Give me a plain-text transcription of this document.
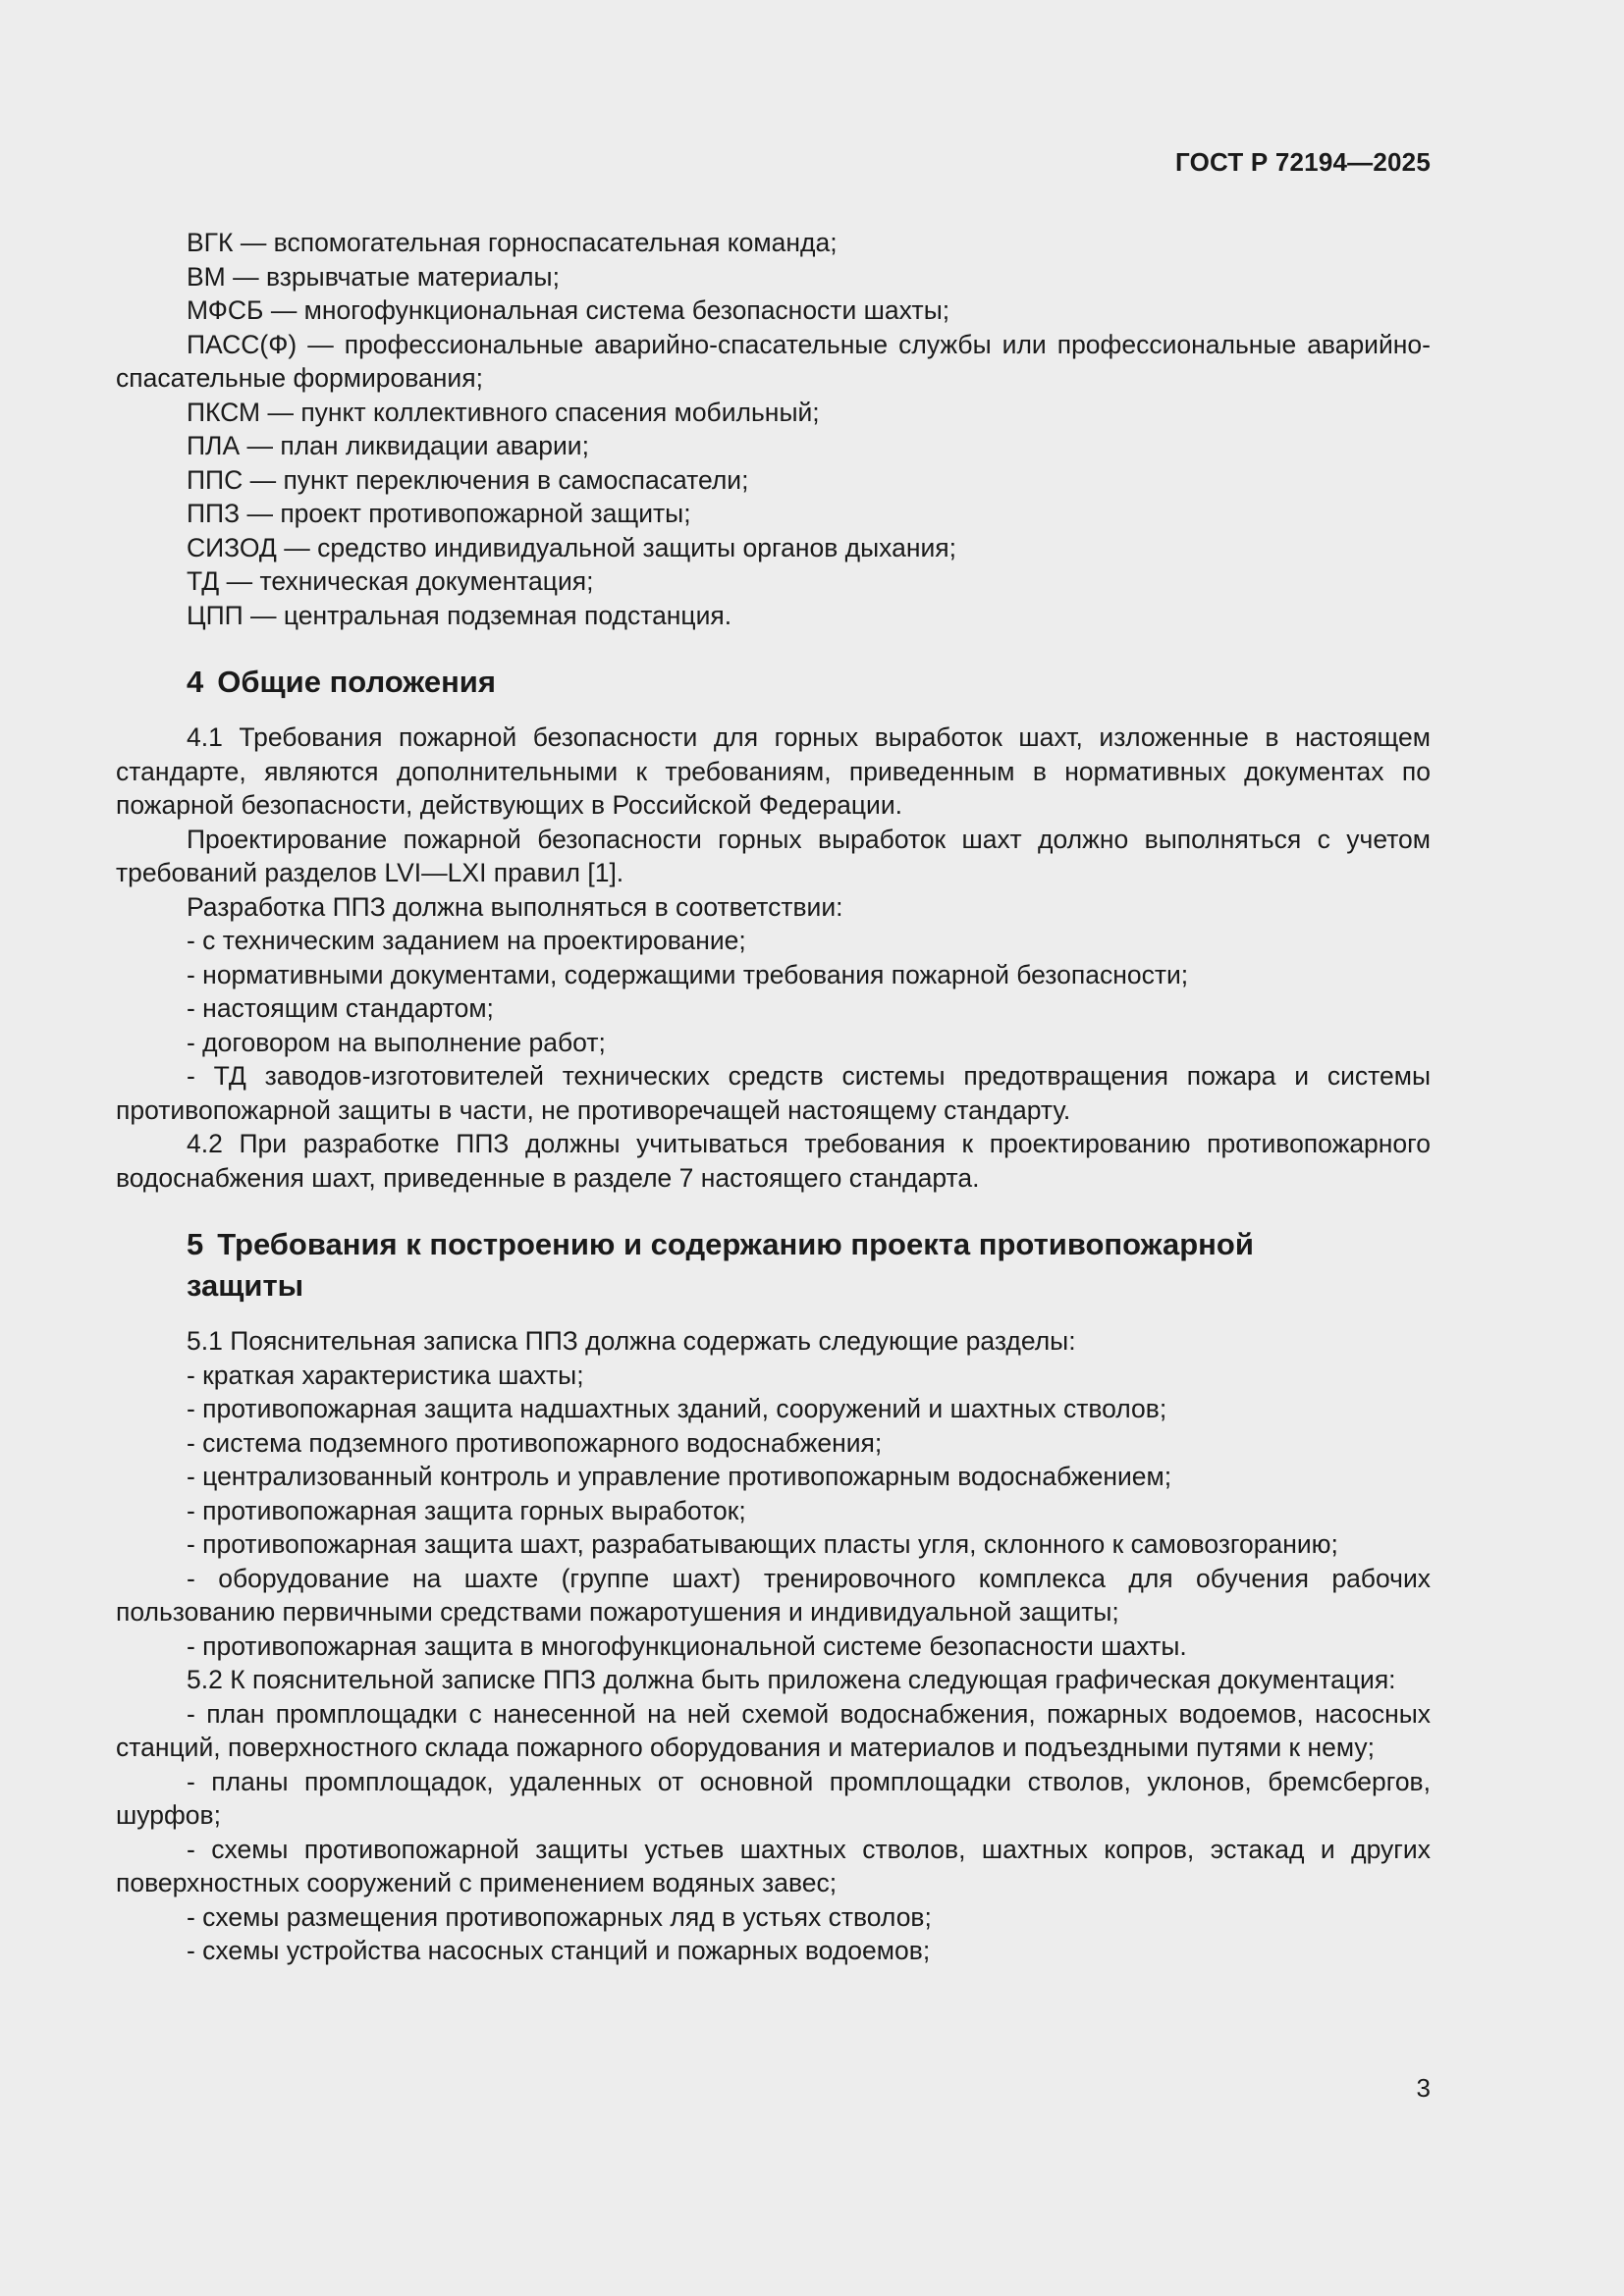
ГОСТ Р 72194—2025

ВГК — вспомогательная горноспасательная команда;

ВМ — взрывчатые материалы;

МФСБ — многофункциональная система безопасности шахты;

ПАСС(Ф) — профессиональные аварийно-спасательные службы или профессиональные аварийно-спасательные формирования;

ПКСМ — пункт коллективного спасения мобильный;

ПЛА — план ликвидации аварии;

ППС — пункт переключения в самоспасатели;

ППЗ — проект противопожарной защиты;

СИЗОД — средство индивидуальной защиты органов дыхания;

ТД — техническая документация;

ЦПП — центральная подземная подстанция.

4 Общие положения

4.1 Требования пожарной безопасности для горных выработок шахт, изложенные в настоящем стандарте, являются дополнительными к требованиям, приведенным в нормативных документах по пожарной безопасности, действующих в Российской Федерации.

Проектирование пожарной безопасности горных выработок шахт должно выполняться с учетом требований разделов LVI—LXI правил [1].

Разработка ППЗ должна выполняться в соответствии:

- с техническим заданием на проектирование;

- нормативными документами, содержащими требования пожарной безопасности;

- настоящим стандартом;

- договором на выполнение работ;

- ТД заводов-изготовителей технических средств системы предотвращения пожара и системы противопожарной защиты в части, не противоречащей настоящему стандарту.

4.2 При разработке ППЗ должны учитываться требования к проектированию противопожарного водоснабжения шахт, приведенные в разделе 7 настоящего стандарта.

5 Требования к построению и содержанию проекта противопожарной
защиты

5.1 Пояснительная записка ППЗ должна содержать следующие разделы:

- краткая характеристика шахты;

- противопожарная защита надшахтных зданий, сооружений и шахтных стволов;

- система подземного противопожарного водоснабжения;

- централизованный контроль и управление противопожарным водоснабжением;

- противопожарная защита горных выработок;

- противопожарная защита шахт, разрабатывающих пласты угля, склонного к самовозгоранию;

- оборудование на шахте (группе шахт) тренировочного комплекса для обучения рабочих пользованию первичными средствами пожаротушения и индивидуальной защиты;

- противопожарная защита в многофункциональной системе безопасности шахты.

5.2 К пояснительной записке ППЗ должна быть приложена следующая графическая документация:

- план промплощадки с нанесенной на ней схемой водоснабжения, пожарных водоемов, насосных станций, поверхностного склада пожарного оборудования и материалов и подъездными путями к нему;

- планы промплощадок, удаленных от основной промплощадки стволов, уклонов, бремсбергов, шурфов;

- схемы противопожарной защиты устьев шахтных стволов, шахтных копров, эстакад и других поверхностных сооружений с применением водяных завес;

- схемы размещения противопожарных ляд в устьях стволов;

- схемы устройства насосных станций и пожарных водоемов;

3
